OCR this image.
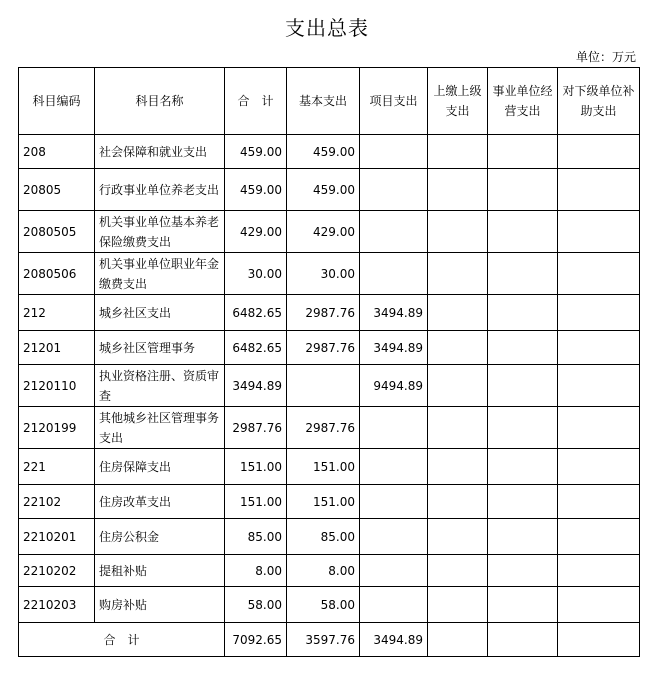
支出总表
单位：万元
科目编码	科目名称	合　计	基本支出	项目支出	上缴上级支出	事业单位经营支出	对下级单位补助支出
208	社会保障和就业支出	459.00	459.00				
20805	行政事业单位养老支出	459.00	459.00				
2080505	机关事业单位基本养老保险缴费支出	429.00	429.00				
2080506	机关事业单位职业年金缴费支出	30.00	30.00				
212	城乡社区支出	6482.65	2987.76	3494.89			
21201	城乡社区管理事务	6482.65	2987.76	3494.89			
2120110	执业资格注册、资质审查	3494.89		9494.89			
2120199	其他城乡社区管理事务支出	2987.76	2987.76				
221	住房保障支出	151.00	151.00				
22102	住房改革支出	151.00	151.00				
2210201	住房公积金	85.00	85.00				
2210202	提租补贴	8.00	8.00				
2210203	购房补贴	58.00	58.00				
合　计		7092.65	3597.76	3494.89			
